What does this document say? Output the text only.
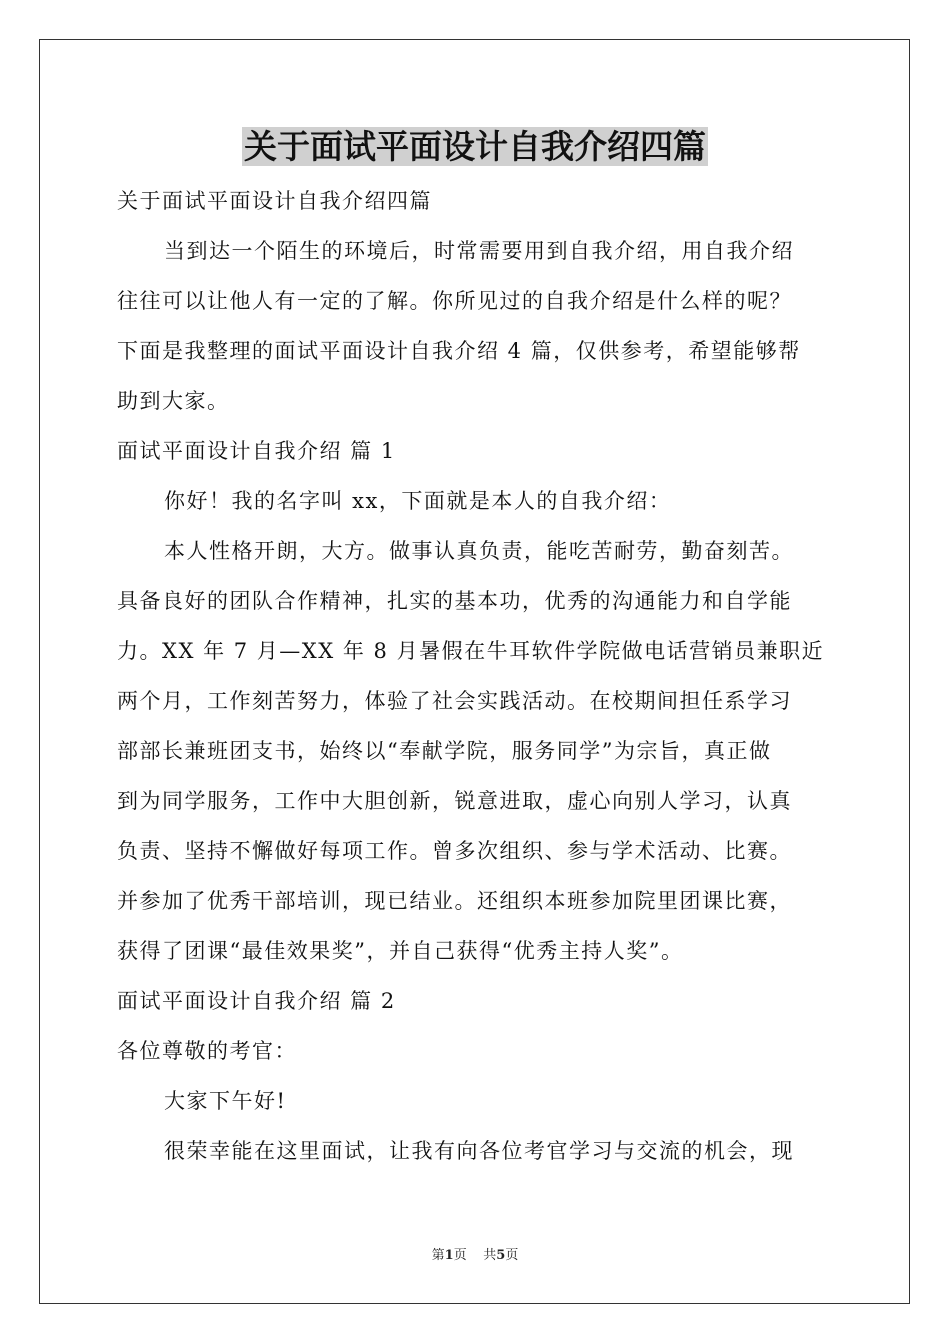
关于面试平面设计自我介绍四篇

关于面试平面设计自我介绍四篇

当到达一个陌生的环境后，时常需要用到自我介绍，用自我介绍

往往可以让他人有一定的了解。你所见过的自我介绍是什么样的呢？

下面是我整理的面试平面设计自我介绍 4 篇，仅供参考，希望能够帮

助到大家。

面试平面设计自我介绍 篇 1

你好！我的名字叫 xx，下面就是本人的自我介绍：

本人性格开朗，大方。做事认真负责，能吃苦耐劳，勤奋刻苦。

具备良好的团队合作精神，扎实的基本功，优秀的沟通能力和自学能

力。XX 年 7 月—XX 年 8 月暑假在牛耳软件学院做电话营销员兼职近

两个月，工作刻苦努力，体验了社会实践活动。在校期间担任系学习

部部长兼班团支书，始终以“奉献学院，服务同学”为宗旨，真正做

到为同学服务，工作中大胆创新，锐意进取，虚心向别人学习，认真

负责、坚持不懈做好每项工作。曾多次组织、参与学术活动、比赛。

并参加了优秀干部培训，现已结业。还组织本班参加院里团课比赛，

获得了团课“最佳效果奖”，并自己获得“优秀主持人奖”。

面试平面设计自我介绍 篇 2

各位尊敬的考官：

大家下午好!

很荣幸能在这里面试，让我有向各位考官学习与交流的机会，现

第1页 共5页
